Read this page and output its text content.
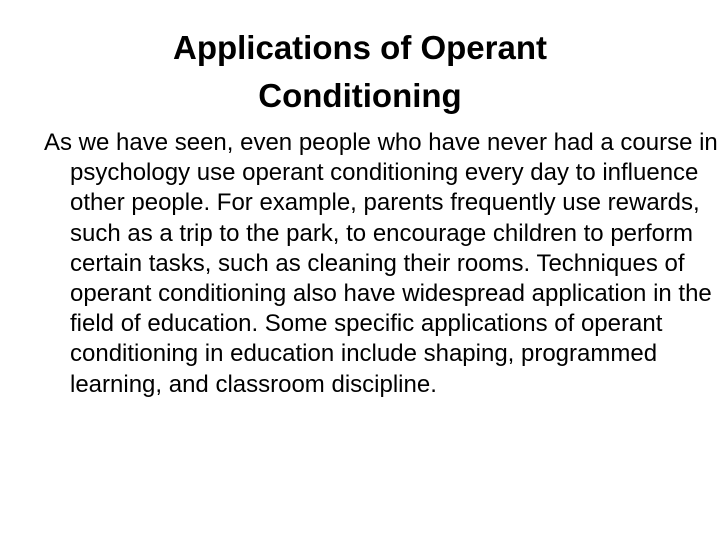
Applications of Operant
Conditioning

As we have seen, even people who have never had a course in psychology use operant conditioning every day to influence other people. For example, parents frequently use rewards, such as a trip to the park, to encourage children to perform certain tasks, such as cleaning their rooms. Techniques of operant conditioning also have widespread application in the field of education. Some specific applications of operant conditioning in education include shaping, programmed learning, and classroom discipline.
